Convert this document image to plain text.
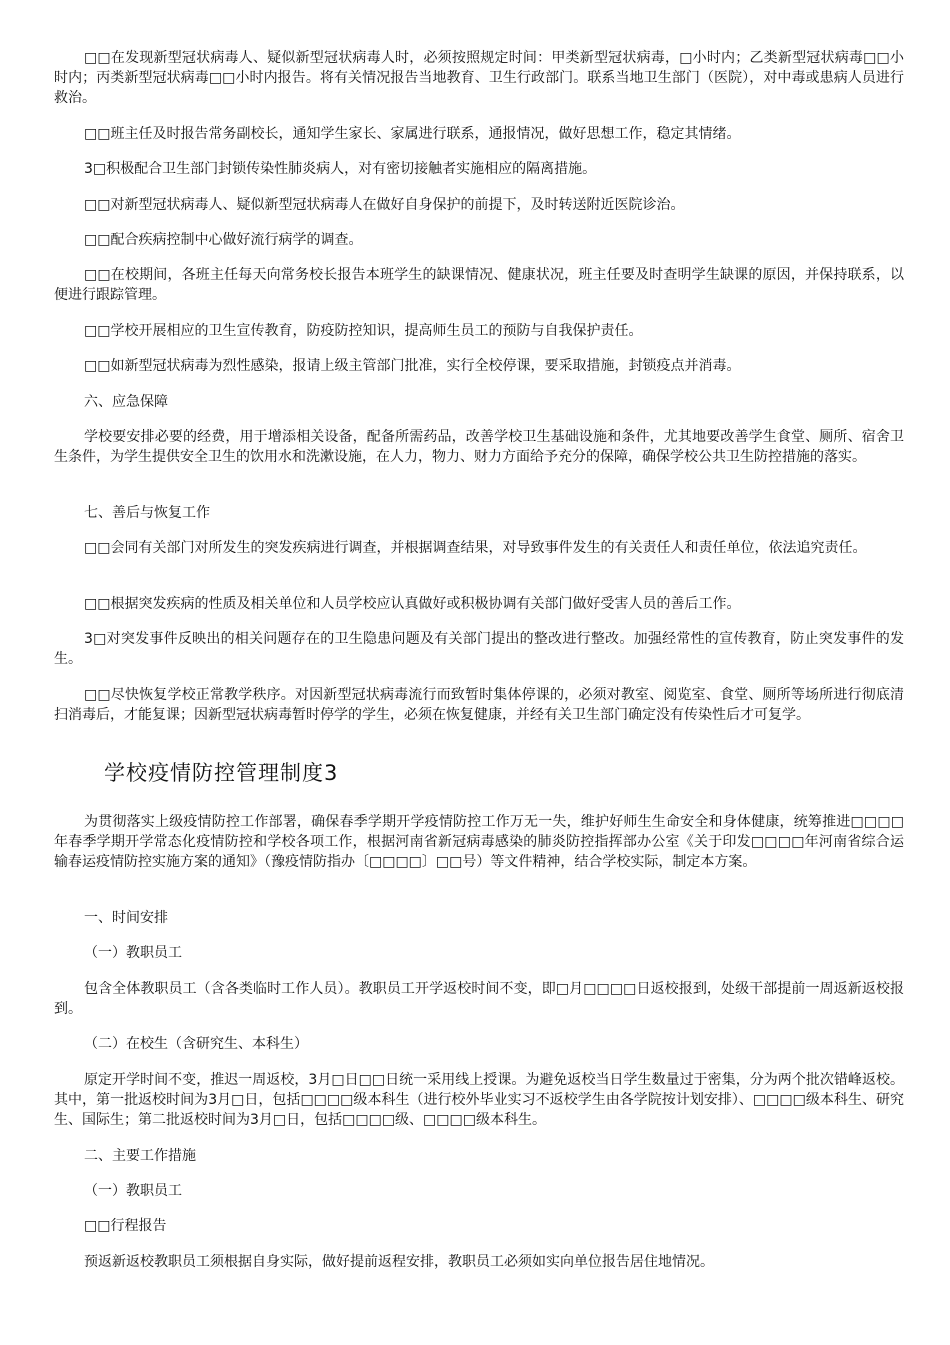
□□在发现新型冠状病毒人、疑似新型冠状病毒人时，必须按照规定时间：甲类新型冠状病毒，□小时内；乙类新型冠状病毒□□小时内；丙类新型冠状病毒□□小时内报告。将有关情况报告当地教育、卫生行政部门。联系当地卫生部门（医院），对中毒或患病人员进行救治。

□□班主任及时报告常务副校长，通知学生家长、家属进行联系，通报情况，做好思想工作，稳定其情绪。

3□积极配合卫生部门封锁传染性肺炎病人，对有密切接触者实施相应的隔离措施。

□□对新型冠状病毒人、疑似新型冠状病毒人在做好自身保护的前提下，及时转送附近医院诊治。

□□配合疾病控制中心做好流行病学的调查。

□□在校期间，各班主任每天向常务校长报告本班学生的缺课情况、健康状况，班主任要及时查明学生缺课的原因，并保持联系，以便进行跟踪管理。

□□学校开展相应的卫生宣传教育，防疫防控知识，提高师生员工的预防与自我保护责任。

□□如新型冠状病毒为烈性感染，报请上级主管部门批准，实行全校停课，要采取措施，封锁疫点并消毒。

六、应急保障

学校要安排必要的经费，用于增添相关设备，配备所需药品，改善学校卫生基础设施和条件，尤其地要改善学生食堂、厕所、宿舍卫生条件，为学生提供安全卫生的饮用水和洗漱设施，在人力，物力、财力方面给予充分的保障，确保学校公共卫生防控措施的落实。

七、善后与恢复工作

□□会同有关部门对所发生的突发疾病进行调查，并根据调查结果，对导致事件发生的有关责任人和责任单位，依法追究责任。

□□根据突发疾病的性质及相关单位和人员学校应认真做好或积极协调有关部门做好受害人员的善后工作。

3□对突发事件反映出的相关问题存在的卫生隐患问题及有关部门提出的整改进行整改。加强经常性的宣传教育，防止突发事件的发生。

□□尽快恢复学校正常教学秩序。对因新型冠状病毒流行而致暂时集体停课的，必须对教室、阅览室、食堂、厕所等场所进行彻底清扫消毒后，才能复课；因新型冠状病毒暂时停学的学生，必须在恢复健康，并经有关卫生部门确定没有传染性后才可复学。

学校疫情防控管理制度3

为贯彻落实上级疫情防控工作部署，确保春季学期开学疫情防控工作万无一失，维护好师生生命安全和身体健康，统筹推进□□□□年春季学期开学常态化疫情防控和学校各项工作，根据河南省新冠病毒感染的肺炎防控指挥部办公室《关于印发□□□□年河南省综合运输春运疫情防控实施方案的通知》（豫疫情防指办〔□□□□〕□□号）等文件精神，结合学校实际，制定本方案。

一、时间安排

（一）教职员工

包含全体教职员工（含各类临时工作人员）。教职员工开学返校时间不变，即□月□□□□日返校报到，处级干部提前一周返新返校报到。

（二）在校生（含研究生、本科生）

原定开学时间不变，推迟一周返校，3月□日□□日统一采用线上授课。为避免返校当日学生数量过于密集，分为两个批次错峰返校。其中，第一批返校时间为3月□日，包括□□□□级本科生（进行校外毕业实习不返校学生由各学院按计划安排）、□□□□级本科生、研究生、国际生；第二批返校时间为3月□日，包括□□□□级、□□□□级本科生。

二、主要工作措施

（一）教职员工

□□行程报告

预返新返校教职员工须根据自身实际，做好提前返程安排，教职员工必须如实向单位报告居住地情况。
